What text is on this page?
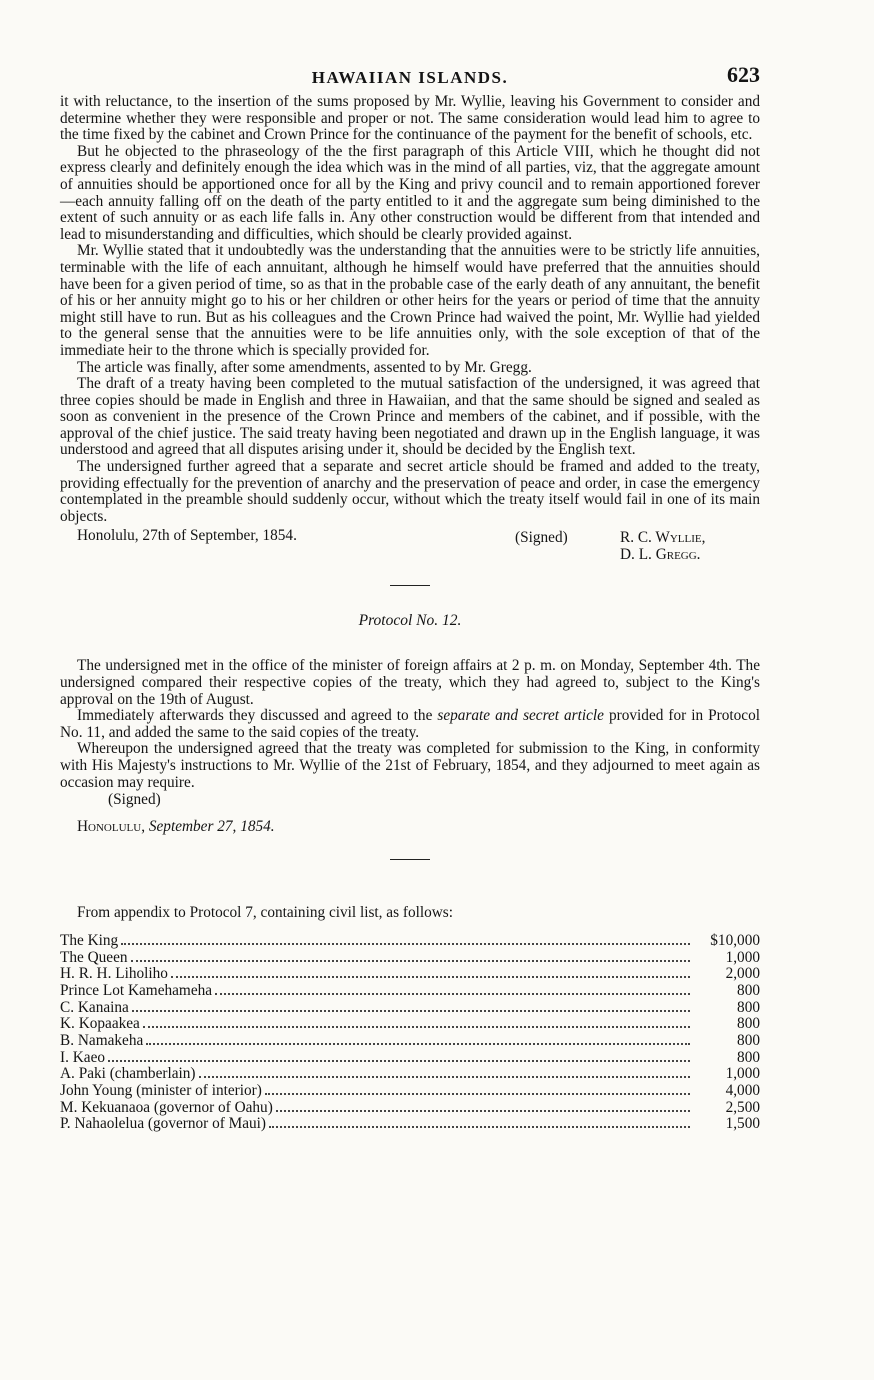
HAWAIIAN ISLANDS.	623

it with reluctance, to the insertion of the sums proposed by Mr. Wyllie, leaving his Government to consider and determine whether they were responsible and proper or not. The same consideration would lead him to agree to the time fixed by the cabinet and Crown Prince for the continuance of the payment for the benefit of schools, etc.

But he objected to the phraseology of the the first paragraph of this Article VIII, which he thought did not express clearly and definitely enough the idea which was in the mind of all parties, viz, that the aggregate amount of annuities should be apportioned once for all by the King and privy council and to remain apportioned forever—each annuity falling off on the death of the party entitled to it and the aggregate sum being diminished to the extent of such annuity or as each life falls in. Any other construction would be different from that intended and lead to misunderstanding and difficulties, which should be clearly provided against.

Mr. Wyllie stated that it undoubtedly was the understanding that the annuities were to be strictly life annuities, terminable with the life of each annuitant, although he himself would have preferred that the annuities should have been for a given period of time, so as that in the probable case of the early death of any annuitant, the benefit of his or her annuity might go to his or her children or other heirs for the years or period of time that the annuity might still have to run. But as his colleagues and the Crown Prince had waived the point, Mr. Wyllie had yielded to the general sense that the annuities were to be life annuities only, with the sole exception of that of the immediate heir to the throne which is specially provided for.

The article was finally, after some amendments, assented to by Mr. Gregg.

The draft of a treaty having been completed to the mutual satisfaction of the undersigned, it was agreed that three copies should be made in English and three in Hawaiian, and that the same should be signed and sealed as soon as convenient in the presence of the Crown Prince and members of the cabinet, and if possible, with the approval of the chief justice. The said treaty having been negotiated and drawn up in the English language, it was understood and agreed that all disputes arising under it, should be decided by the English text.

The undersigned further agreed that a separate and secret article should be framed and added to the treaty, providing effectually for the prevention of anarchy and the preservation of peace and order, in case the emergency contemplated in the preamble should suddenly occur, without which the treaty itself would fail in one of its main objects.

Honolulu, 27th of September, 1854.	(Signed)	R. C. Wyllie,
D. L. Gregg.
Protocol No. 12.

The undersigned met in the office of the minister of foreign affairs at 2 p. m. on Monday, September 4th. The undersigned compared their respective copies of the treaty, which they had agreed to, subject to the King's approval on the 19th of August.

Immediately afterwards they discussed and agreed to the separate and secret article provided for in Protocol No. 11, and added the same to the said copies of the treaty.

Whereupon the undersigned agreed that the treaty was completed for submission to the King, in conformity with His Majesty's instructions to Mr. Wyllie of the 21st of February, 1854, and they adjourned to meet again as occasion may require.

(Signed)
Honolulu, September 27, 1854.
From appendix to Protocol 7, containing civil list, as follows:
The King	$10,000
The Queen	1,000
H. R. H. Liholiho	2,000
Prince Lot Kamehameha	800
C. Kanaina	800
K. Kopaakea	800
B. Namakeha	800
I. Kaeo	800
A. Paki (chamberlain)	1,000
John Young (minister of interior)	4,000
M. Kekuanaoa (governor of Oahu)	2,500
P. Nahaolelua (governor of Maui)	1,500
